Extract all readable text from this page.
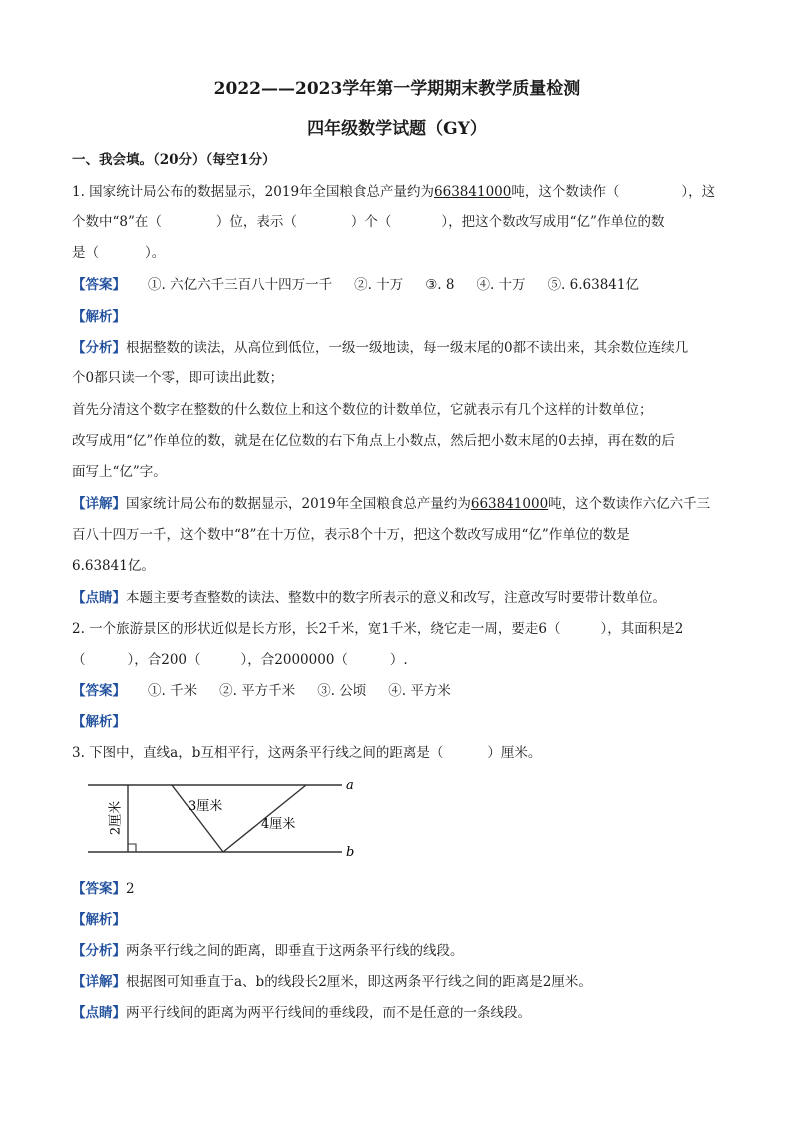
2022——2023学年第一学期期末教学质量检测
四年级数学试题（GY）
一、我会填。（20分）（每空1分）
1. 国家统计局公布的数据显示，2019年全国粮食总产量约为663841000吨，这个数读作（	），这
个数中“8”在（	）位，表示（	）个（	），把这个数改写成用“亿”作单位的数
是（	）。
【答案】 ①. 六亿六千三百八十四万一千 ②. 十万 ③. 8 ④. 十万 ⑤. 6.63841亿
【解析】
【分析】根据整数的读法，从高位到低位，一级一级地读，每一级末尾的0都不读出来，其余数位连续几
个0都只读一个零，即可读出此数；
首先分清这个数字在整数的什么数位上和这个数位的计数单位，它就表示有几个这样的计数单位；
改写成用“亿”作单位的数，就是在亿位数的右下角点上小数点，然后把小数末尾的0去掉，再在数的后
面写上“亿”字。
【详解】国家统计局公布的数据显示，2019年全国粮食总产量约为663841000吨，这个数读作六亿六千三
百八十四万一千，这个数中“8”在十万位，表示8个十万，把这个数改写成用“亿”作单位的数是
6.63841亿。
【点睛】本题主要考查整数的读法、整数中的数字所表示的意义和改写，注意改写时要带计数单位。
2. 一个旅游景区的形状近似是长方形，长2千米，宽1千米，绕它走一周，要走6（	），其面积是2
（	），合200（	），合2000000（	）.
【答案】 ①. 千米 ②. 平方千米 ③. 公顷 ④. 平方米
【解析】
3. 下图中，直线a，b互相平行，这两条平行线之间的距离是（	）厘米。
a
b
2厘米	3厘米
4厘米
【答案】2
【解析】
【分析】两条平行线之间的距离，即垂直于这两条平行线的线段。
【详解】根据图可知垂直于a、b的线段长2厘米，即这两条平行线之间的距离是2厘米。
【点睛】两平行线间的距离为两平行线间的垂线段，而不是任意的一条线段。
